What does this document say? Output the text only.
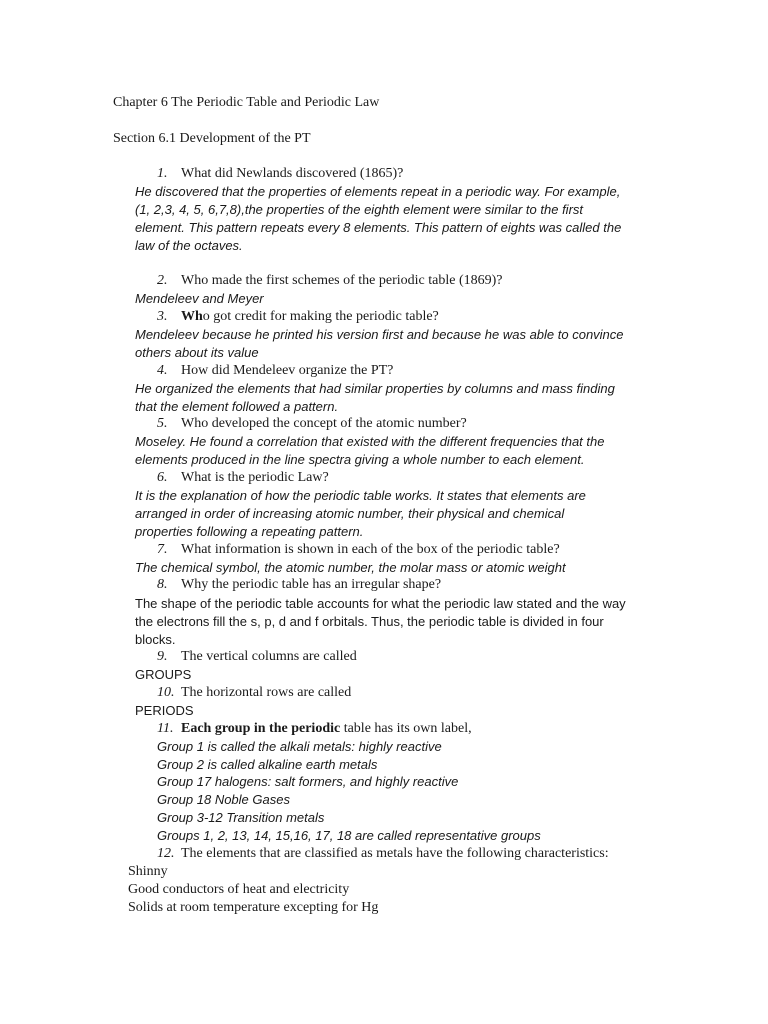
Chapter 6 The Periodic Table and Periodic Law
Section 6.1 Development of the PT
1. What did Newlands discovered (1865)?
He discovered that the properties of elements repeat in a periodic way. For example,
(1, 2,3, 4, 5, 6,7,8),the properties of the eighth element were similar to the first
element. This pattern repeats every 8 elements. This pattern of eights was called the
law of the octaves.
2. Who made the first schemes of the periodic table (1869)?
Mendeleev and Meyer
3. Who got credit for making the periodic table?
Mendeleev because he printed his version first and because he was able to convince
others about its value
4. How did Mendeleev organize the PT?
He organized the elements that had similar properties by columns and mass finding
that the element followed a pattern.
5. Who developed the concept of the atomic number?
Moseley. He found a correlation that existed with the different frequencies that the
elements produced in the line spectra giving a whole number to each element.
6. What is the periodic Law?
It is the explanation of how the periodic table works. It states that elements are
arranged in order of increasing atomic number, their physical and chemical
properties following a repeating pattern.
7. What information is shown in each of the box of the periodic table?
The chemical symbol, the atomic number, the molar mass or atomic weight
8. Why the periodic table has an irregular shape?
The shape of the periodic table accounts for what the periodic law stated and the way
the electrons fill the s, p, d and f orbitals. Thus, the periodic table is divided in four
blocks.
9. The vertical columns are called
GROUPS
10. The horizontal rows are called
PERIODS
11. Each group in the periodic table has its own label,
Group 1 is called the alkali metals: highly reactive
Group 2 is called alkaline earth metals
Group 17 halogens: salt formers, and highly reactive
Group 18 Noble Gases
Group 3-12 Transition metals
Groups 1, 2, 13, 14, 15,16, 17, 18 are called representative groups
12. The elements that are classified as metals have the following characteristics:
Shinny
Good conductors of heat and electricity
Solids at room temperature excepting for Hg
